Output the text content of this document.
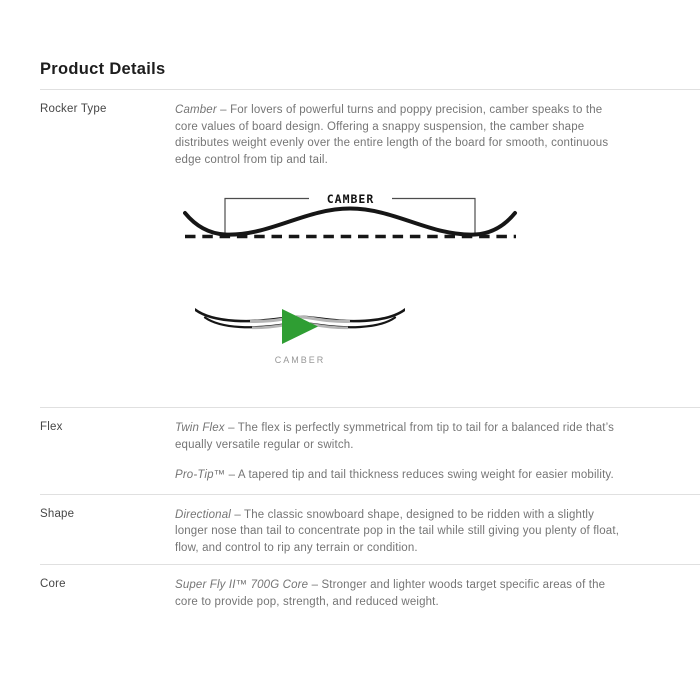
Product Details
Rocker Type	Camber – For lovers of powerful turns and poppy precision, camber speaks to the core values of board design. Offering a snappy suspension, the camber shape distributes weight evenly over the entire length of the board for smooth, continuous edge control from tip and tail.

CAMBER
CAMBER
Flex	Twin Flex – The flex is perfectly symmetrical from tip to tail for a balanced ride that’s equally versatile regular or switch.

Pro-Tip™ – A tapered tip and tail thickness reduces swing weight for easier mobility.

Shape	Directional – The classic snowboard shape, designed to be ridden with a slightly longer nose than tail to concentrate pop in the tail while still giving you plenty of float, flow, and control to rip any terrain or condition.

Core	Super Fly II™ 700G Core – Stronger and lighter woods target specific areas of the core to provide pop, strength, and reduced weight.
